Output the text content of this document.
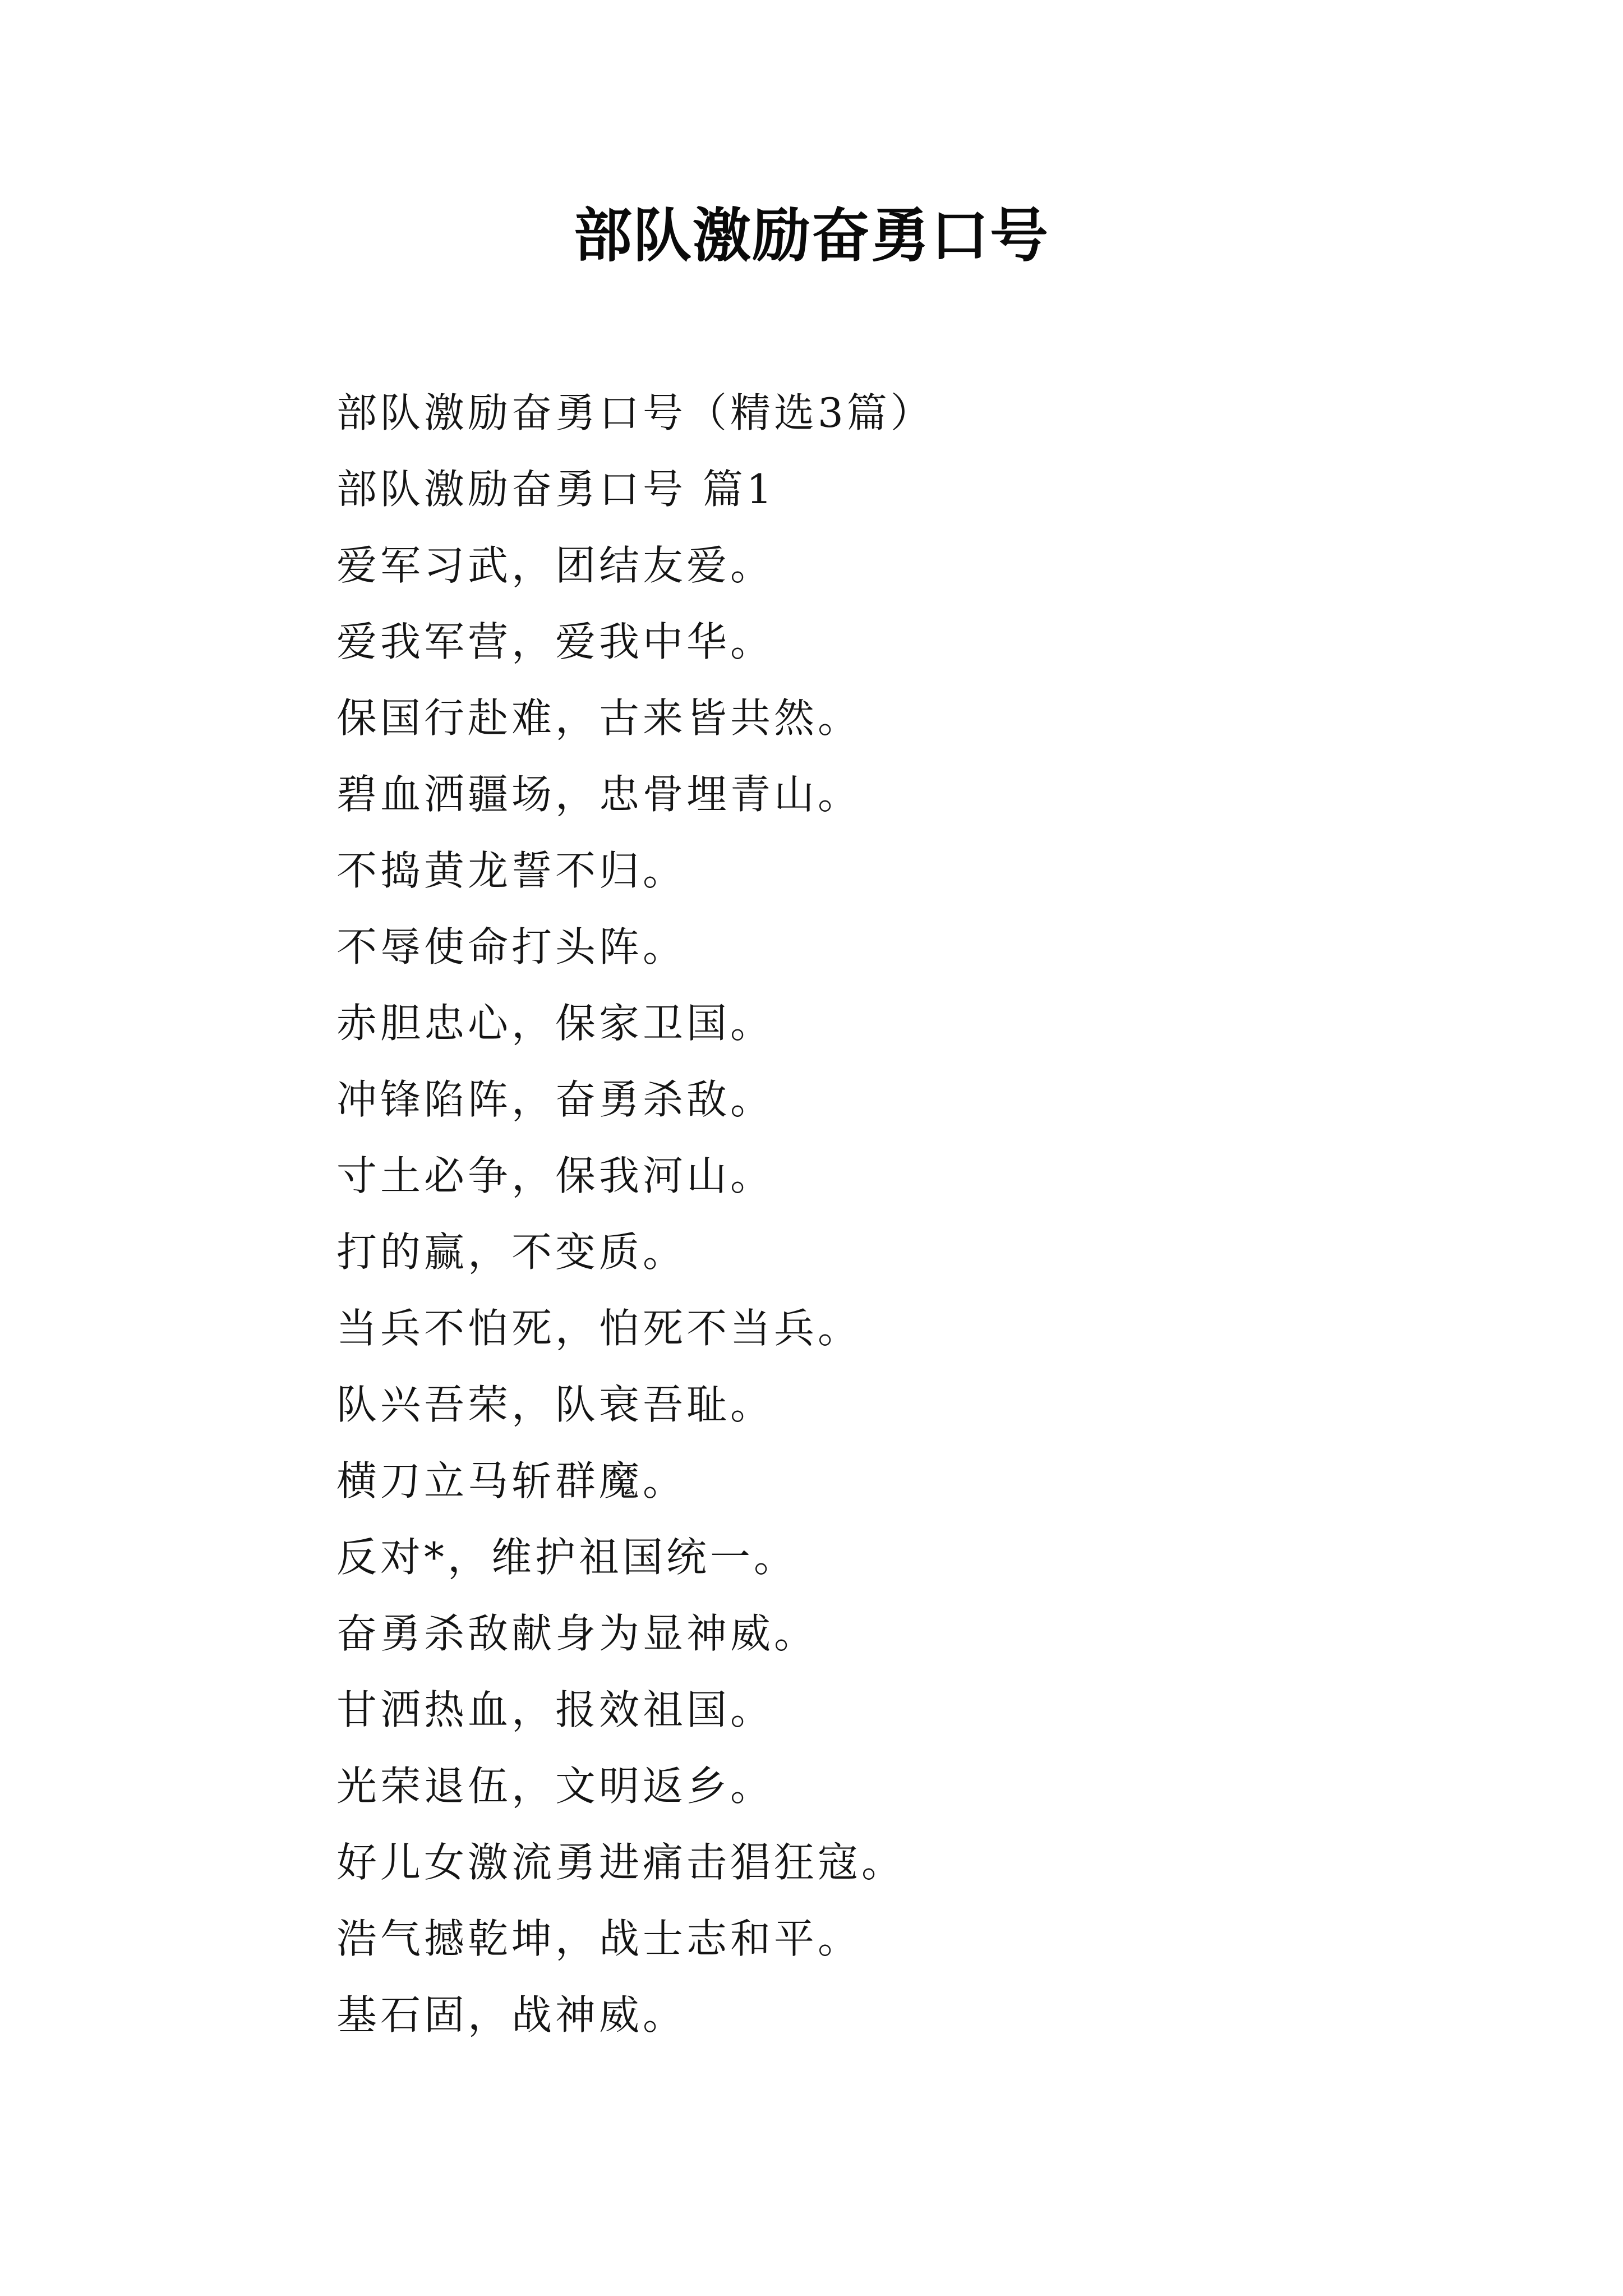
部队激励奋勇口号
部队激励奋勇口号（精选3篇）
部队激励奋勇口号 篇1
爱军习武，团结友爱。
爱我军营，爱我中华。
保国行赴难，古来皆共然。
碧血洒疆场，忠骨埋青山。
不捣黄龙誓不归。
不辱使命打头阵。
赤胆忠心，保家卫国。
冲锋陷阵，奋勇杀敌。
寸土必争，保我河山。
打的赢，不变质。
当兵不怕死，怕死不当兵。
队兴吾荣，队衰吾耻。
横刀立马斩群魔。
反对*，维护祖国统一。
奋勇杀敌献身为显神威。
甘洒热血，报效祖国。
光荣退伍，文明返乡。
好儿女激流勇进痛击猖狂寇。
浩气撼乾坤，战士志和平。
基石固，战神威。
